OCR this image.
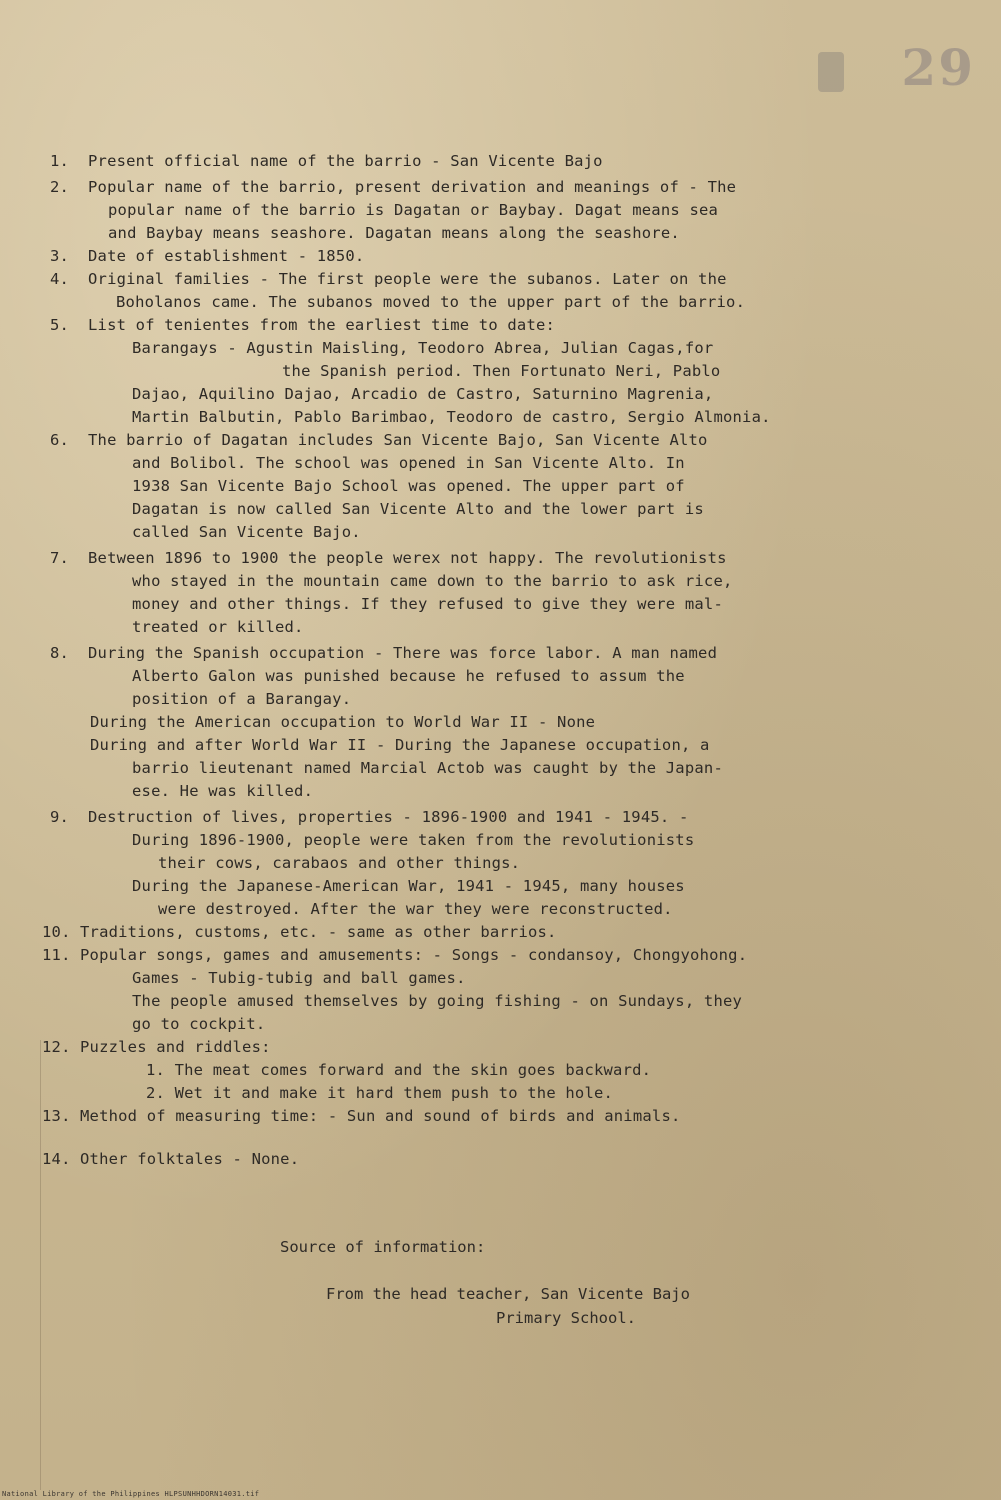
29

1. Present official name of the barrio - San Vicente Bajo

2. Popular name of the barrio, present derivation and meanings of - The

popular name of the barrio is Dagatan or Baybay. Dagat means sea

and Baybay means seashore. Dagatan means along the seashore.

3. Date of establishment - 1850.

4. Original families - The first people were the subanos. Later on the

Boholanos came. The subanos moved to the upper part of the barrio.

5. List of tenientes from the earliest time to date:

Barangays - Agustin Maisling, Teodoro Abrea, Julian Cagas,for

the Spanish period. Then Fortunato Neri, Pablo

Dajao, Aquilino Dajao, Arcadio de Castro, Saturnino Magrenia,

Martin Balbutin, Pablo Barimbao, Teodoro de castro, Sergio Almonia.

6. The barrio of Dagatan includes San Vicente Bajo, San Vicente Alto

and Bolibol. The school was opened in San Vicente Alto. In

1938 San Vicente Bajo School was opened. The upper part of

Dagatan is now called San Vicente Alto and the lower part is

called San Vicente Bajo.

7. Between 1896 to 1900 the people werex not happy. The revolutionists

who stayed in the mountain came down to the barrio to ask rice,

money and other things. If they refused to give they were mal-

treated or killed.

8. During the Spanish occupation - There was force labor. A man named

Alberto Galon was punished because he refused to assum the

position of a Barangay.

During the American occupation to World War II - None

During and after World War II - During the Japanese occupation, a

barrio lieutenant named Marcial Actob was caught by the Japan-

ese. He was killed.

9. Destruction of lives, properties - 1896-1900 and 1941 - 1945. -

During 1896-1900, people were taken from the revolutionists

their cows, carabaos and other things.

During the Japanese-American War, 1941 - 1945, many houses

were destroyed. After the war they were reconstructed.

10. Traditions, customs, etc. - same as other barrios.

11. Popular songs, games and amusements: - Songs - condansoy, Chongyohong.

Games - Tubig-tubig and ball games.

The people amused themselves by going fishing - on Sundays, they

go to cockpit.

12. Puzzles and riddles:

1. The meat comes forward and the skin goes backward.

2. Wet it and make it hard them push to the hole.

13. Method of measuring time: - Sun and sound of birds and animals.

14. Other folktales - None.

Source of information:

From the head teacher, San Vicente Bajo

Primary School.

National Library of the Philippines HLPSUNHHDORN14031.tif
